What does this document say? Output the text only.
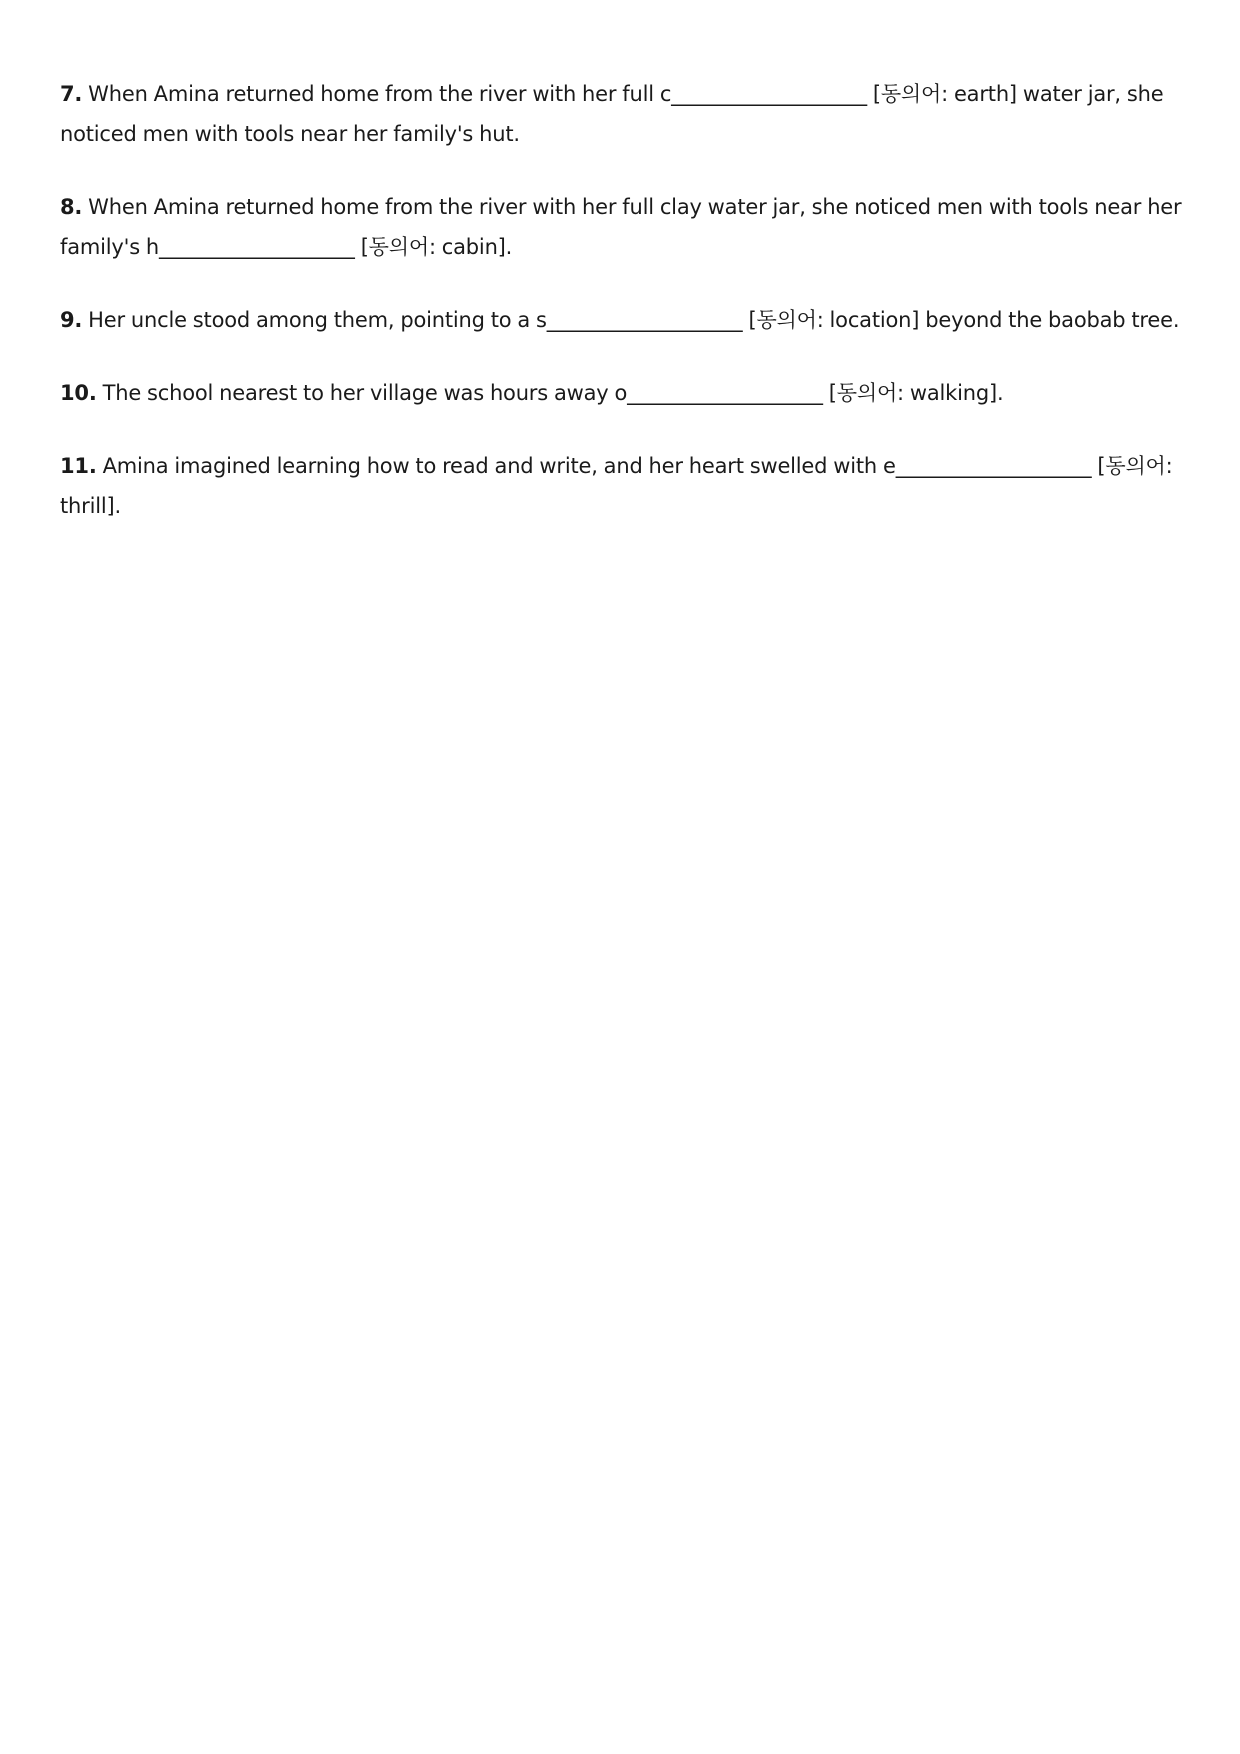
7. When Amina returned home from the river with her full c___________________ [동의어: earth] water jar, she noticed men with tools near her family's hut.

8. When Amina returned home from the river with her full clay water jar, she noticed men with tools near her family's h___________________ [동의어: cabin].

9. Her uncle stood among them, pointing to a s___________________ [동의어: location] beyond the baobab tree.

10. The school nearest to her village was hours away o___________________ [동의어: walking].

11. Amina imagined learning how to read and write, and her heart swelled with e___________________ [동의어: thrill].
